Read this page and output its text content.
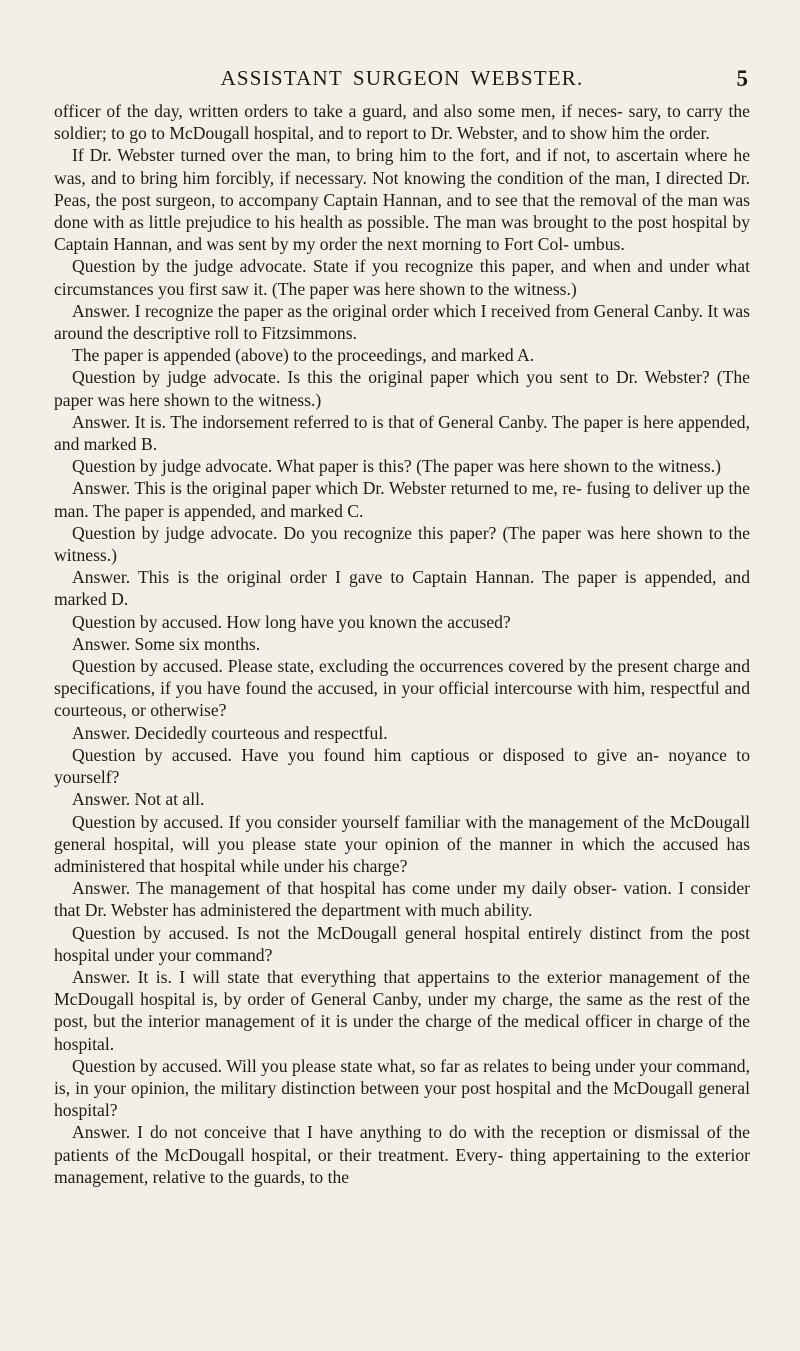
ASSISTANT SURGEON WEBSTER.	5

officer of the day, written orders to take a guard, and also some men, if neces- sary, to carry the soldier; to go to McDougall hospital, and to report to Dr. Webster, and to show him the order.

If Dr. Webster turned over the man, to bring him to the fort, and if not, to ascertain where he was, and to bring him forcibly, if necessary. Not knowing the condition of the man, I directed Dr. Peas, the post surgeon, to accompany Captain Hannan, and to see that the removal of the man was done with as little prejudice to his health as possible. The man was brought to the post hospital by Captain Hannan, and was sent by my order the next morning to Fort Col- umbus.

Question by the judge advocate. State if you recognize this paper, and when and under what circumstances you first saw it. (The paper was here shown to the witness.)

Answer. I recognize the paper as the original order which I received from General Canby. It was around the descriptive roll to Fitzsimmons.

The paper is appended (above) to the proceedings, and marked A.

Question by judge advocate. Is this the original paper which you sent to Dr. Webster? (The paper was here shown to the witness.)

Answer. It is. The indorsement referred to is that of General Canby. The paper is here appended, and marked B.

Question by judge advocate. What paper is this? (The paper was here shown to the witness.)

Answer. This is the original paper which Dr. Webster returned to me, re- fusing to deliver up the man. The paper is appended, and marked C.

Question by judge advocate. Do you recognize this paper? (The paper was here shown to the witness.)

Answer. This is the original order I gave to Captain Hannan. The paper is appended, and marked D.

Question by accused. How long have you known the accused?

Answer. Some six months.

Question by accused. Please state, excluding the occurrences covered by the present charge and specifications, if you have found the accused, in your official intercourse with him, respectful and courteous, or otherwise?

Answer. Decidedly courteous and respectful.

Question by accused. Have you found him captious or disposed to give an- noyance to yourself?

Answer. Not at all.

Question by accused. If you consider yourself familiar with the management of the McDougall general hospital, will you please state your opinion of the manner in which the accused has administered that hospital while under his charge?

Answer. The management of that hospital has come under my daily obser- vation. I consider that Dr. Webster has administered the department with much ability.

Question by accused. Is not the McDougall general hospital entirely distinct from the post hospital under your command?

Answer. It is. I will state that everything that appertains to the exterior management of the McDougall hospital is, by order of General Canby, under my charge, the same as the rest of the post, but the interior management of it is under the charge of the medical officer in charge of the hospital.

Question by accused. Will you please state what, so far as relates to being under your command, is, in your opinion, the military distinction between your post hospital and the McDougall general hospital?

Answer. I do not conceive that I have anything to do with the reception or dismissal of the patients of the McDougall hospital, or their treatment. Every- thing appertaining to the exterior management, relative to the guards, to the
